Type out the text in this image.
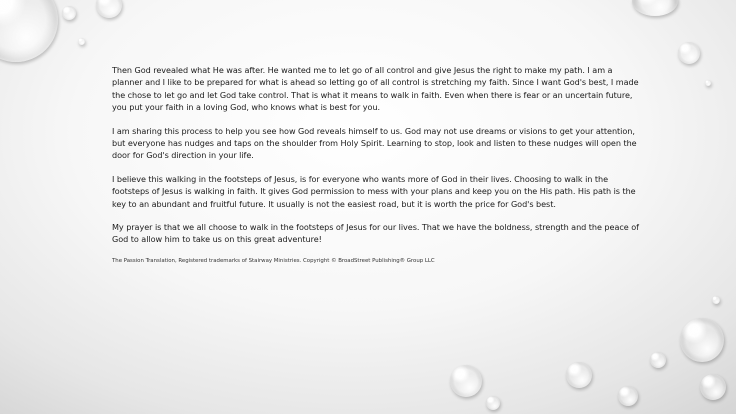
Then God revealed what He was after. He wanted me to let go of all control and give Jesus the right to make my path. I am a planner and I like to be prepared for what is ahead so letting go of all control is stretching my faith. Since I want God's best, I made the chose to let go and let God take control. That is what it means to walk in faith. Even when there is fear or an uncertain future, you put your faith in a loving God, who knows what is best for you.

I am sharing this process to help you see how God reveals himself to us. God may not use dreams or visions to get your attention, but everyone has nudges and taps on the shoulder from Holy Spirit. Learning to stop, look and listen to these nudges will open the door for God's direction in your life.

I believe this walking in the footsteps of Jesus, is for everyone who wants more of God in their lives. Choosing to walk in the footsteps of Jesus is walking in faith. It gives God permission to mess with your plans and keep you on the His path. His path is the key to an abundant and fruitful future. It usually is not the easiest road, but it is worth the price for God's best.

My prayer is that we all choose to walk in the footsteps of Jesus for our lives. That we have the boldness, strength and the peace of God to allow him to take us on this great adventure!

The Passion Translation, Registered trademarks of Stairway Ministries. Copyright © BroadStreet Publishing® Group LLC
